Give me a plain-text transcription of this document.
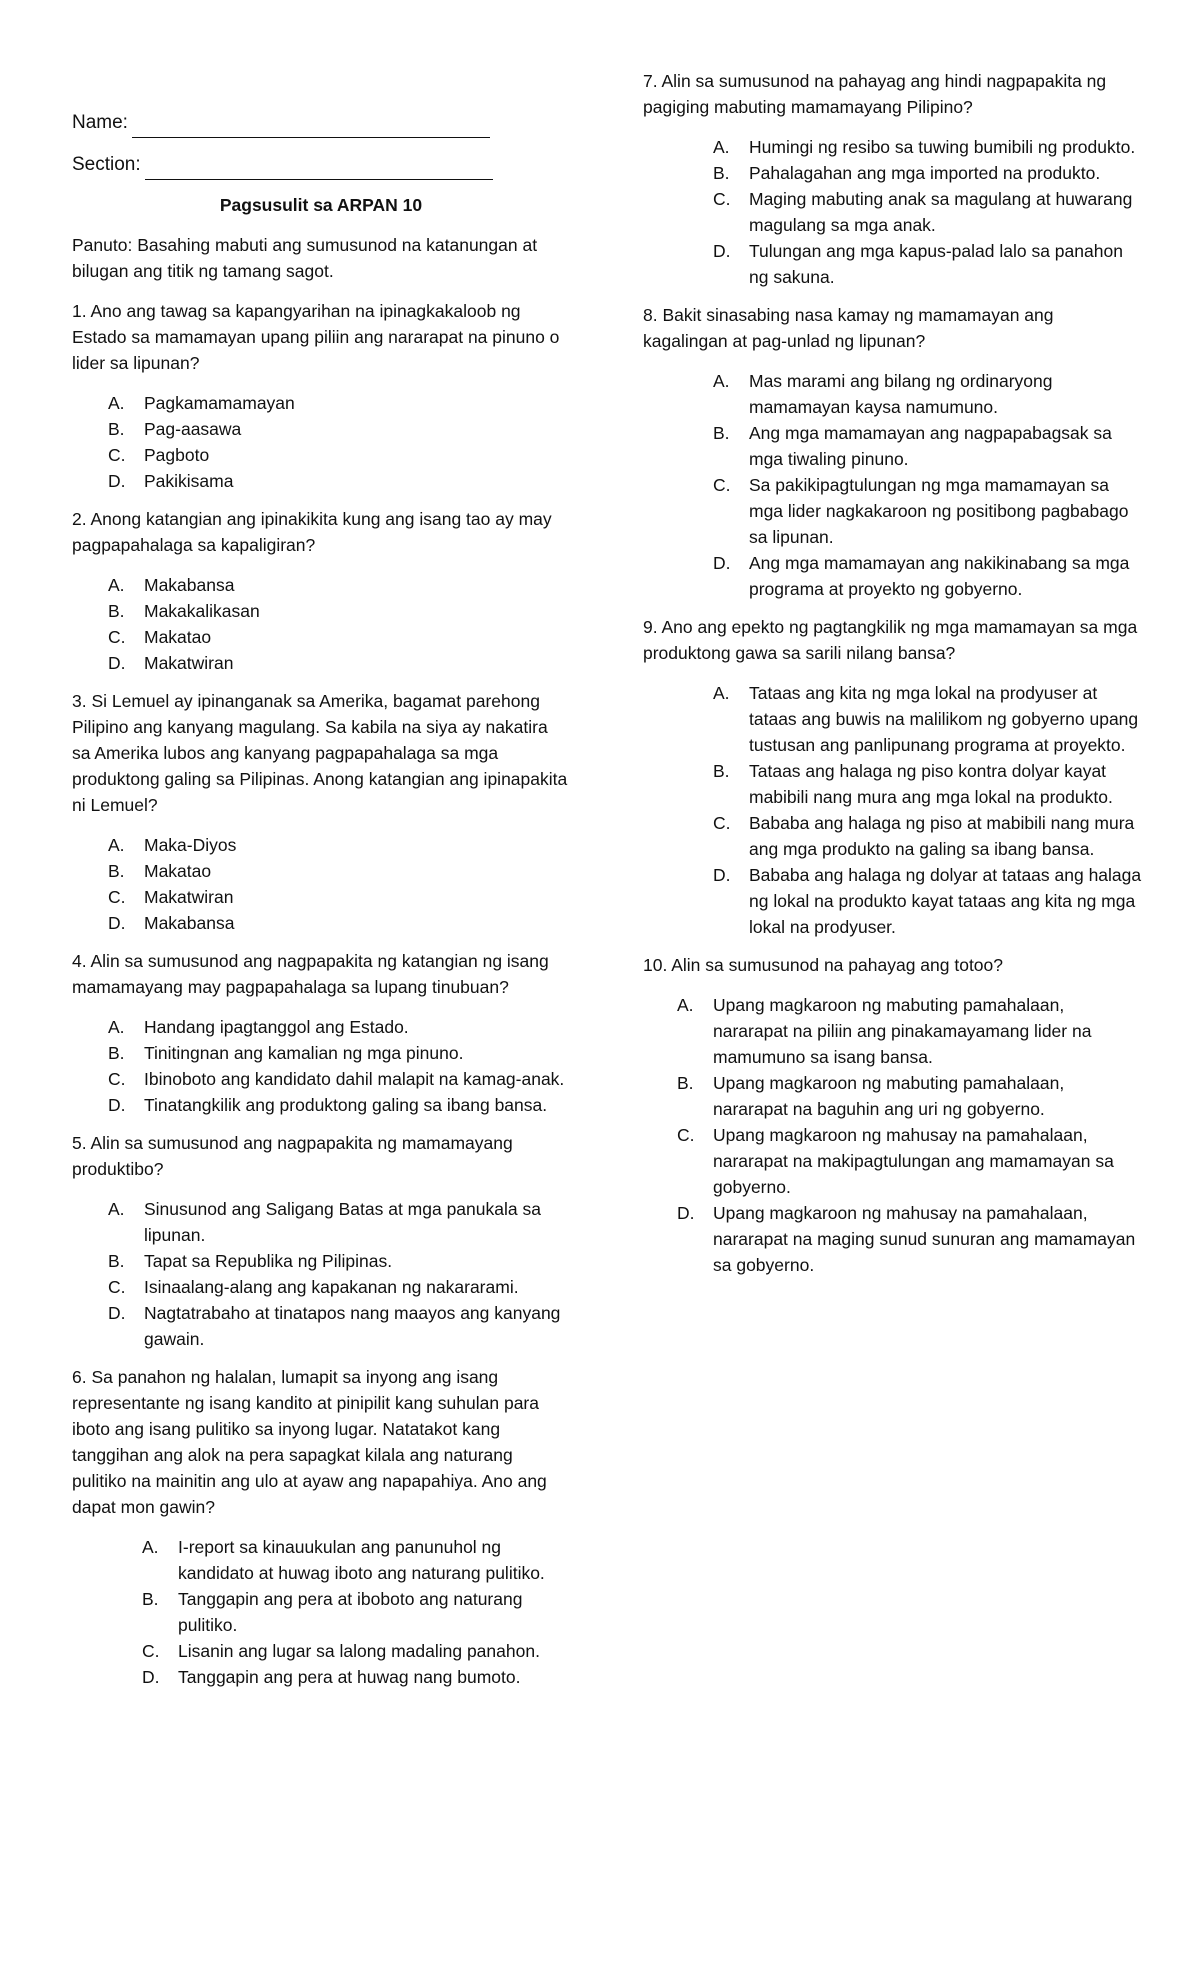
Name:
Section:
Pagsusulit sa ARPAN 10
Panuto: Basahing mabuti ang sumusunod na katanungan at bilugan ang titik ng tamang sagot.
1. Ano ang tawag sa kapangyarihan na ipinagkakaloob ng Estado sa mamamayan upang piliin ang nararapat na pinuno o lider sa lipunan?
A.	Pagkamamamayan
B.	Pag-aasawa
C.	Pagboto
D.	Pakikisama
2. Anong katangian ang ipinakikita kung ang isang tao ay may pagpapahalaga sa kapaligiran?
A.	Makabansa
B.	Makakalikasan
C.	Makatao
D.	Makatwiran
3. Si Lemuel ay ipinanganak sa Amerika, bagamat parehong Pilipino ang kanyang magulang. Sa kabila na siya ay nakatira sa Amerika lubos ang kanyang pagpapahalaga sa mga produktong galing sa Pilipinas. Anong katangian ang ipinapakita ni Lemuel?
A.	Maka-Diyos
B.	Makatao
C.	Makatwiran
D.	Makabansa
4. Alin sa sumusunod ang nagpapakita ng katangian ng isang mamamayang may pagpapahalaga sa lupang tinubuan?
A.	Handang ipagtanggol ang Estado.
B.	Tinitingnan ang kamalian ng mga pinuno.
C.	Ibinoboto ang kandidato dahil malapit na kamag-anak.
D.	Tinatangkilik ang produktong galing sa ibang bansa.
5. Alin sa sumusunod ang nagpapakita ng mamamayang produktibo?
A.	Sinusunod ang Saligang Batas at mga panukala sa lipunan.
B.	Tapat sa Republika ng Pilipinas.
C.	Isinaalang-alang ang kapakanan ng nakararami.
D.	Nagtatrabaho at tinatapos nang maayos ang kanyang gawain.
6. Sa panahon ng halalan, lumapit sa inyong ang isang representante ng isang kandito at pinipilit kang suhulan para iboto ang isang pulitiko sa inyong lugar. Natatakot kang tanggihan ang alok na pera sapagkat kilala ang naturang pulitiko na mainitin ang ulo at ayaw ang napapahiya. Ano ang dapat mon gawin?
A.	I-report sa kinauukulan ang panunuhol ng kandidato at huwag iboto ang naturang pulitiko.
B.	Tanggapin ang pera at iboboto ang naturang pulitiko.
C.	Lisanin ang lugar sa lalong madaling panahon.
D.	Tanggapin ang pera at huwag nang bumoto.
7. Alin sa sumusunod na pahayag ang hindi nagpapakita ng pagiging mabuting mamamayang Pilipino?
A.	Humingi ng resibo sa tuwing bumibili ng produkto.
B.	Pahalagahan ang mga imported na produkto.
C.	Maging mabuting anak sa magulang at huwarang magulang sa mga anak.
D.	Tulungan ang mga kapus-palad lalo sa panahon ng sakuna.
8. Bakit sinasabing nasa kamay ng mamamayan ang kagalingan at pag-unlad ng lipunan?
A.	Mas marami ang bilang ng ordinaryong mamamayan kaysa namumuno.
B.	Ang mga mamamayan ang nagpapabagsak sa mga tiwaling pinuno.
C.	Sa pakikipagtulungan ng mga mamamayan sa mga lider nagkakaroon ng positibong pagbabago sa lipunan.
D.	Ang mga mamamayan ang nakikinabang sa mga programa at proyekto ng gobyerno.
9. Ano ang epekto ng pagtangkilik ng mga mamamayan sa mga produktong gawa sa sarili nilang bansa?
A.	Tataas ang kita ng mga lokal na prodyuser at tataas ang buwis na malilikom ng gobyerno upang tustusan ang panlipunang programa at proyekto.
B.	Tataas ang halaga ng piso kontra dolyar kayat mabibili nang mura ang mga lokal na produkto.
C.	Bababa ang halaga ng piso at mabibili nang mura ang mga produkto na galing sa ibang bansa.
D.	Bababa ang halaga ng dolyar at tataas ang halaga ng lokal na produkto kayat tataas ang kita ng mga lokal na prodyuser.
10. Alin sa sumusunod na pahayag ang totoo?
A.	Upang magkaroon ng mabuting pamahalaan, nararapat na piliin ang pinakamayamang lider na mamumuno sa isang bansa.
B.	Upang magkaroon ng mabuting pamahalaan, nararapat na baguhin ang uri ng gobyerno.
C.	Upang magkaroon ng mahusay na pamahalaan, nararapat na makipagtulungan ang mamamayan sa gobyerno.
D.	Upang magkaroon ng mahusay na pamahalaan, nararapat na maging sunud sunuran ang mamamayan sa gobyerno.
